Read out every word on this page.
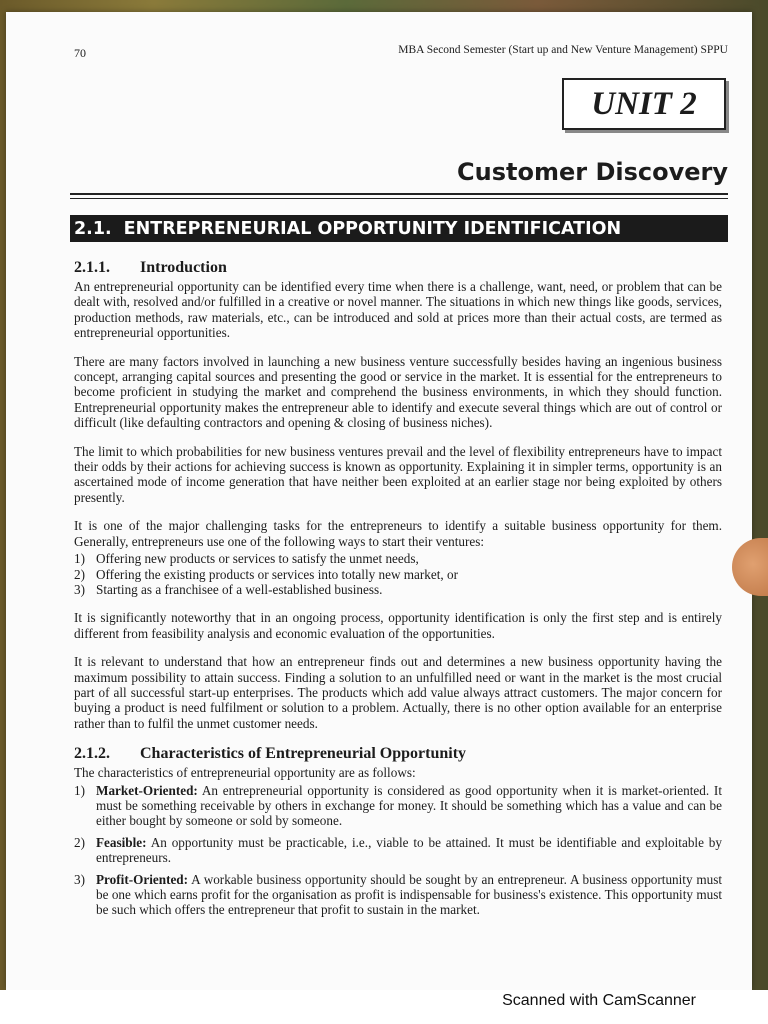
70	MBA Second Semester (Start up and New Venture Management) SPPU
UNIT 2
Customer Discovery
2.1. ENTREPRENEURIAL OPPORTUNITY IDENTIFICATION
2.1.1. Introduction

An entrepreneurial opportunity can be identified every time when there is a challenge, want, need, or problem that can be dealt with, resolved and/or fulfilled in a creative or novel manner. The situations in which new things like goods, services, production methods, raw materials, etc., can be introduced and sold at prices more than their actual costs, are termed as entrepreneurial opportunities.

There are many factors involved in launching a new business venture successfully besides having an ingenious business concept, arranging capital sources and presenting the good or service in the market. It is essential for the entrepreneurs to become proficient in studying the market and comprehend the business environments, in which they should function. Entrepreneurial opportunity makes the entrepreneur able to identify and execute several things which are out of control or difficult (like defaulting contractors and opening & closing of business niches).

The limit to which probabilities for new business ventures prevail and the level of flexibility entrepreneurs have to impact their odds by their actions for achieving success is known as opportunity. Explaining it in simpler terms, opportunity is an ascertained mode of income generation that have neither been exploited at an earlier stage nor being exploited by others presently.

It is one of the major challenging tasks for the entrepreneurs to identify a suitable business opportunity for them. Generally, entrepreneurs use one of the following ways to start their ventures:

1) Offering new products or services to satisfy the unmet needs,
2) Offering the existing products or services into totally new market, or
3) Starting as a franchisee of a well-established business.

It is significantly noteworthy that in an ongoing process, opportunity identification is only the first step and is entirely different from feasibility analysis and economic evaluation of the opportunities.

It is relevant to understand that how an entrepreneur finds out and determines a new business opportunity having the maximum possibility to attain success. Finding a solution to an unfulfilled need or want in the market is the most crucial part of all successful start-up enterprises. The products which add value always attract customers. The major concern for buying a product is need fulfilment or solution to a problem. Actually, there is no other option available for an enterprise rather than to fulfil the unmet customer needs.

2.1.2. Characteristics of Entrepreneurial Opportunity

The characteristics of entrepreneurial opportunity are as follows:

1) Market-Oriented: An entrepreneurial opportunity is considered as good opportunity when it is market-oriented. It must be something receivable by others in exchange for money. It should be something which has a value and can be either bought by someone or sold by someone.
2) Feasible: An opportunity must be practicable, i.e., viable to be attained. It must be identifiable and exploitable by entrepreneurs.
3) Profit-Oriented: A workable business opportunity should be sought by an entrepreneur. A business opportunity must be one which earns profit for the organisation as profit is indispensable for business's existence. This opportunity must be such which offers the entrepreneur that profit to sustain in the market.
Scanned with CamScanner
